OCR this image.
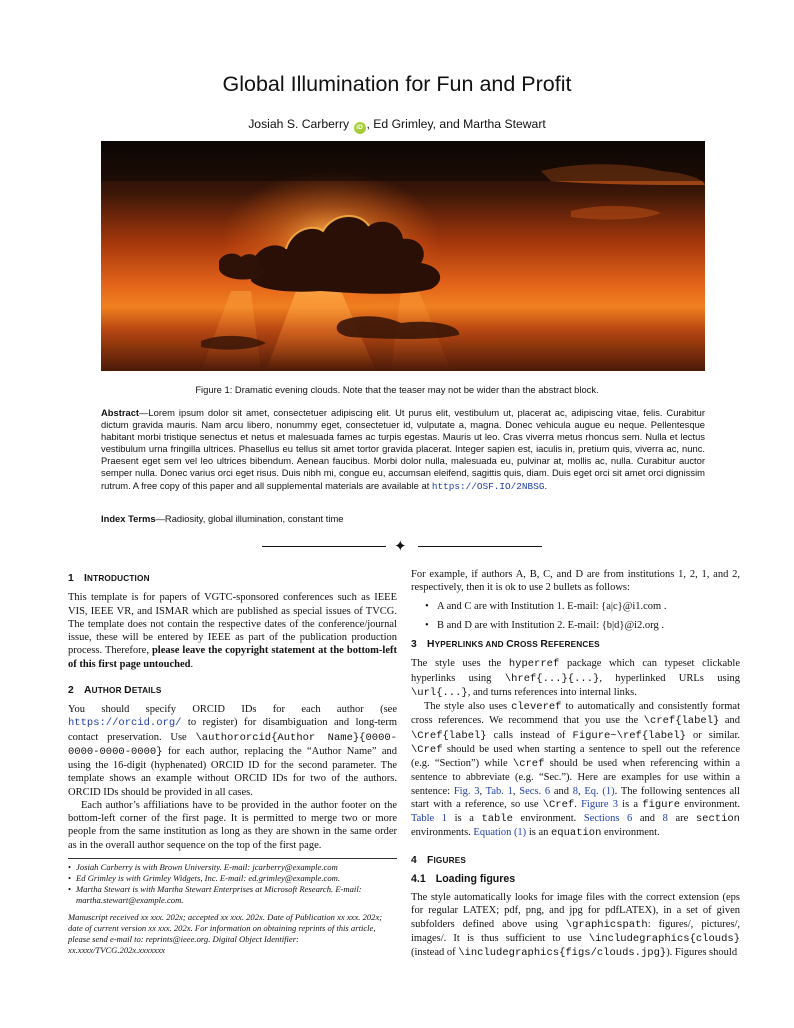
Global Illumination for Fun and Profit
Josiah S. Carberry iD , Ed Grimley, and Martha Stewart
Figure 1: Dramatic evening clouds. Note that the teaser may not be wider than the abstract block.
Abstract—Lorem ipsum dolor sit amet, consectetuer adipiscing elit. Ut purus elit, vestibulum ut, placerat ac, adipiscing vitae, felis. Curabitur dictum gravida mauris. Nam arcu libero, nonummy eget, consectetuer id, vulputate a, magna. Donec vehicula augue eu neque. Pellentesque habitant morbi tristique senectus et netus et malesuada fames ac turpis egestas. Mauris ut leo. Cras viverra metus rhoncus sem. Nulla et lectus vestibulum urna fringilla ultrices. Phasellus eu tellus sit amet tortor gravida placerat. Integer sapien est, iaculis in, pretium quis, viverra ac, nunc. Praesent eget sem vel leo ultrices bibendum. Aenean faucibus. Morbi dolor nulla, malesuada eu, pulvinar at, mollis ac, nulla. Curabitur auctor semper nulla. Donec varius orci eget risus. Duis nibh mi, congue eu, accumsan eleifend, sagittis quis, diam. Duis eget orci sit amet orci dignissim rutrum. A free copy of this paper and all supplemental materials are available at https://OSF.IO/2NBSG.
Index Terms—Radiosity, global illumination, constant time
✦
1 INTRODUCTION

This template is for papers of VGTC-sponsored conferences such as IEEE VIS, IEEE VR, and ISMAR which are published as special issues of TVCG. The template does not contain the respective dates of the conference/journal issue, these will be entered by IEEE as part of the publication production process. Therefore, please leave the copyright statement at the bottom-left of this first page untouched.

2 AUTHOR DETAILS

You should specify ORCID IDs for each author (see https://orcid.org/ to register) for disambiguation and long-term contact preservation. Use \authororcid{Author Name}{0000-0000-0000-0000} for each author, replacing the “Author Name” and using the 16-digit (hyphenated) ORCID ID for the second parameter. The template shows an example without ORCID IDs for two of the authors. ORCID IDs should be provided in all cases.

Each author’s affiliations have to be provided in the author footer on the bottom-left corner of the first page. It is permitted to merge two or more people from the same institution as long as they are shown in the same order as in the overall author sequence on the top of the first page.

• Josiah Carberry is with Brown University. E-mail: jcarberry@example.com
• Ed Grimley is with Grimley Widgets, Inc. E-mail: ed.grimley@example.com.
• Martha Stewart is with Martha Stewart Enterprises at Microsoft Research. E-mail: martha.stewart@example.com.
Manuscript received xx xxx. 202x; accepted xx xxx. 202x. Date of Publication xx xxx. 202x; date of current version xx xxx. 202x. For information on obtaining reprints of this article, please send e-mail to: reprints@ieee.org. Digital Object Identifier: xx.xxxx/TVCG.202x.xxxxxxx

For example, if authors A, B, C, and D are from institutions 1, 2, 1, and 2, respectively, then it is ok to use 2 bullets as follows:

• A and C are with Institution 1. E-mail: {a|c}@i1.com .
• B and D are with Institution 2. E-mail: {b|d}@i2.org .
3 HYPERLINKS AND CROSS REFERENCES

The style uses the hyperref package which can typeset clickable hyperlinks using \href{...}{...}, hyperlinked URLs using \url{...}, and turns references into internal links.

The style also uses cleveref to automatically and consistently format cross references. We recommend that you use the \cref{label} and \Cref{label} calls instead of Figure~\ref{label} or similar. \Cref should be used when starting a sentence to spell out the reference (e.g. “Section”) while \cref should be used when referencing within a sentence to abbreviate (e.g. “Sec.”). Here are examples for use within a sentence: Fig. 3, Tab. 1, Secs. 6 and 8, Eq. (1). The following sentences all start with a reference, so use \Cref. Figure 3 is a figure environment. Table 1 is a table environment. Sections 6 and 8 are section environments. Equation (1) is an equation environment.

4 FIGURES
4.1 Loading figures

The style automatically looks for image files with the correct extension (eps for regular LATEX; pdf, png, and jpg for pdfLATEX), in a set of given subfolders defined above using \graphicspath: figures/, pictures/, images/. It is thus sufficient to use \includegraphics{clouds} (instead of \includegraphics{figs/clouds.jpg}). Figures should
